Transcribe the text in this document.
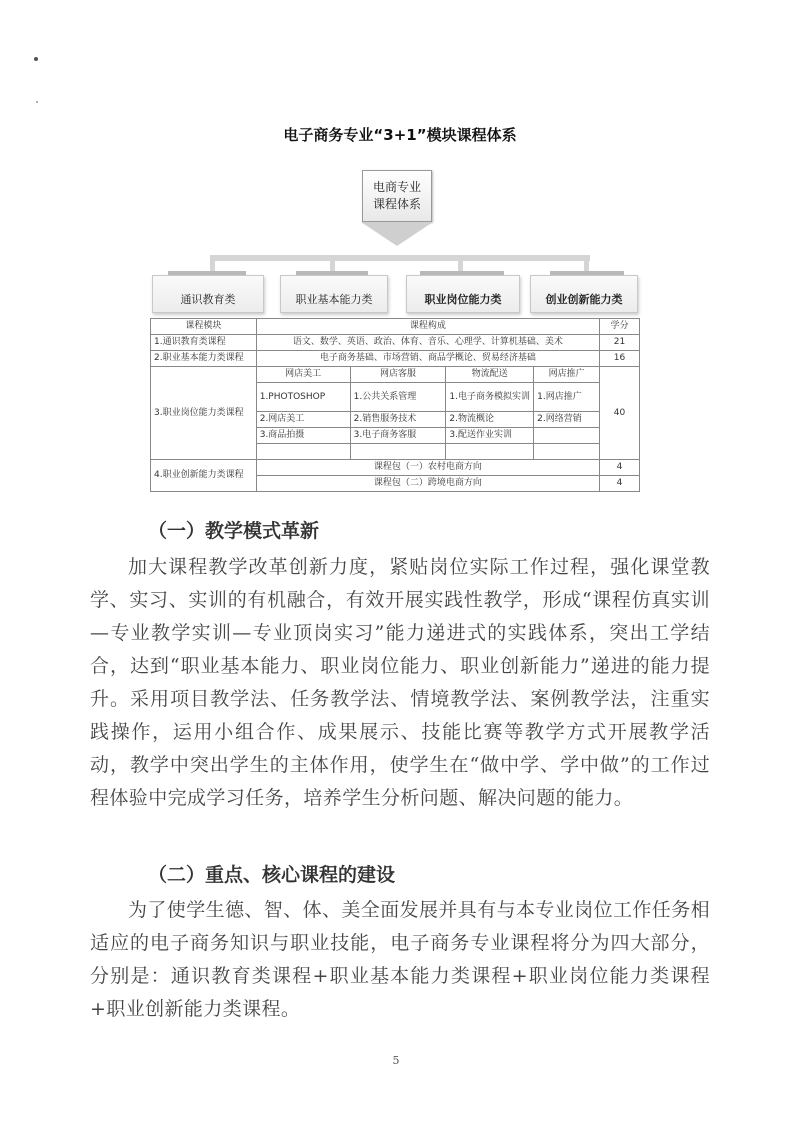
电子商务专业“3+1”模块课程体系
电商专业
课程体系
通识教育类	职业基本能力类	职业岗位能力类	创业创新能力类
课程模块	课程构成				学分
1.通识教育类课程	语文、数学、英语、政治、体育、音乐、心理学、计算机基础、美术				21
2.职业基本能力类课程	电子商务基础、市场营销、商品学概论、贸易经济基础				16
3.职业岗位能力类课程	网店美工	网店客服	物流配送	网店推广	40
	1.PHOTOSHOP	1.公共关系管理	1.电子商务模拟实训	1.网店推广	
	2.网店美工	2.销售服务技术	2.物流概论	2.网络营销	
	3.商品拍摄	3.电子商务客服	3.配送作业实训		

4.职业创新能力类课程	课程包（一）农村电商方向				4
	课程包（二）跨境电商方向				4
（一）教学模式革新
加大课程教学改革创新力度，紧贴岗位实际工作过程，强化课堂教学、实习、实训的有机融合，有效开展实践性教学，形成“课程仿真实训—专业教学实训—专业顶岗实习”能力递进式的实践体系，突出工学结合，达到“职业基本能力、职业岗位能力、职业创新能力”递进的能力提升。采用项目教学法、任务教学法、情境教学法、案例教学法，注重实践操作，运用小组合作、成果展示、技能比赛等教学方式开展教学活动，教学中突出学生的主体作用，使学生在“做中学、学中做”的工作过程体验中完成学习任务，培养学生分析问题、解决问题的能力。
（二）重点、核心课程的建设
为了使学生德、智、体、美全面发展并具有与本专业岗位工作任务相适应的电子商务知识与职业技能，电子商务专业课程将分为四大部分，分别是：通识教育类课程+职业基本能力类课程+职业岗位能力类课程+职业创新能力类课程。
5
